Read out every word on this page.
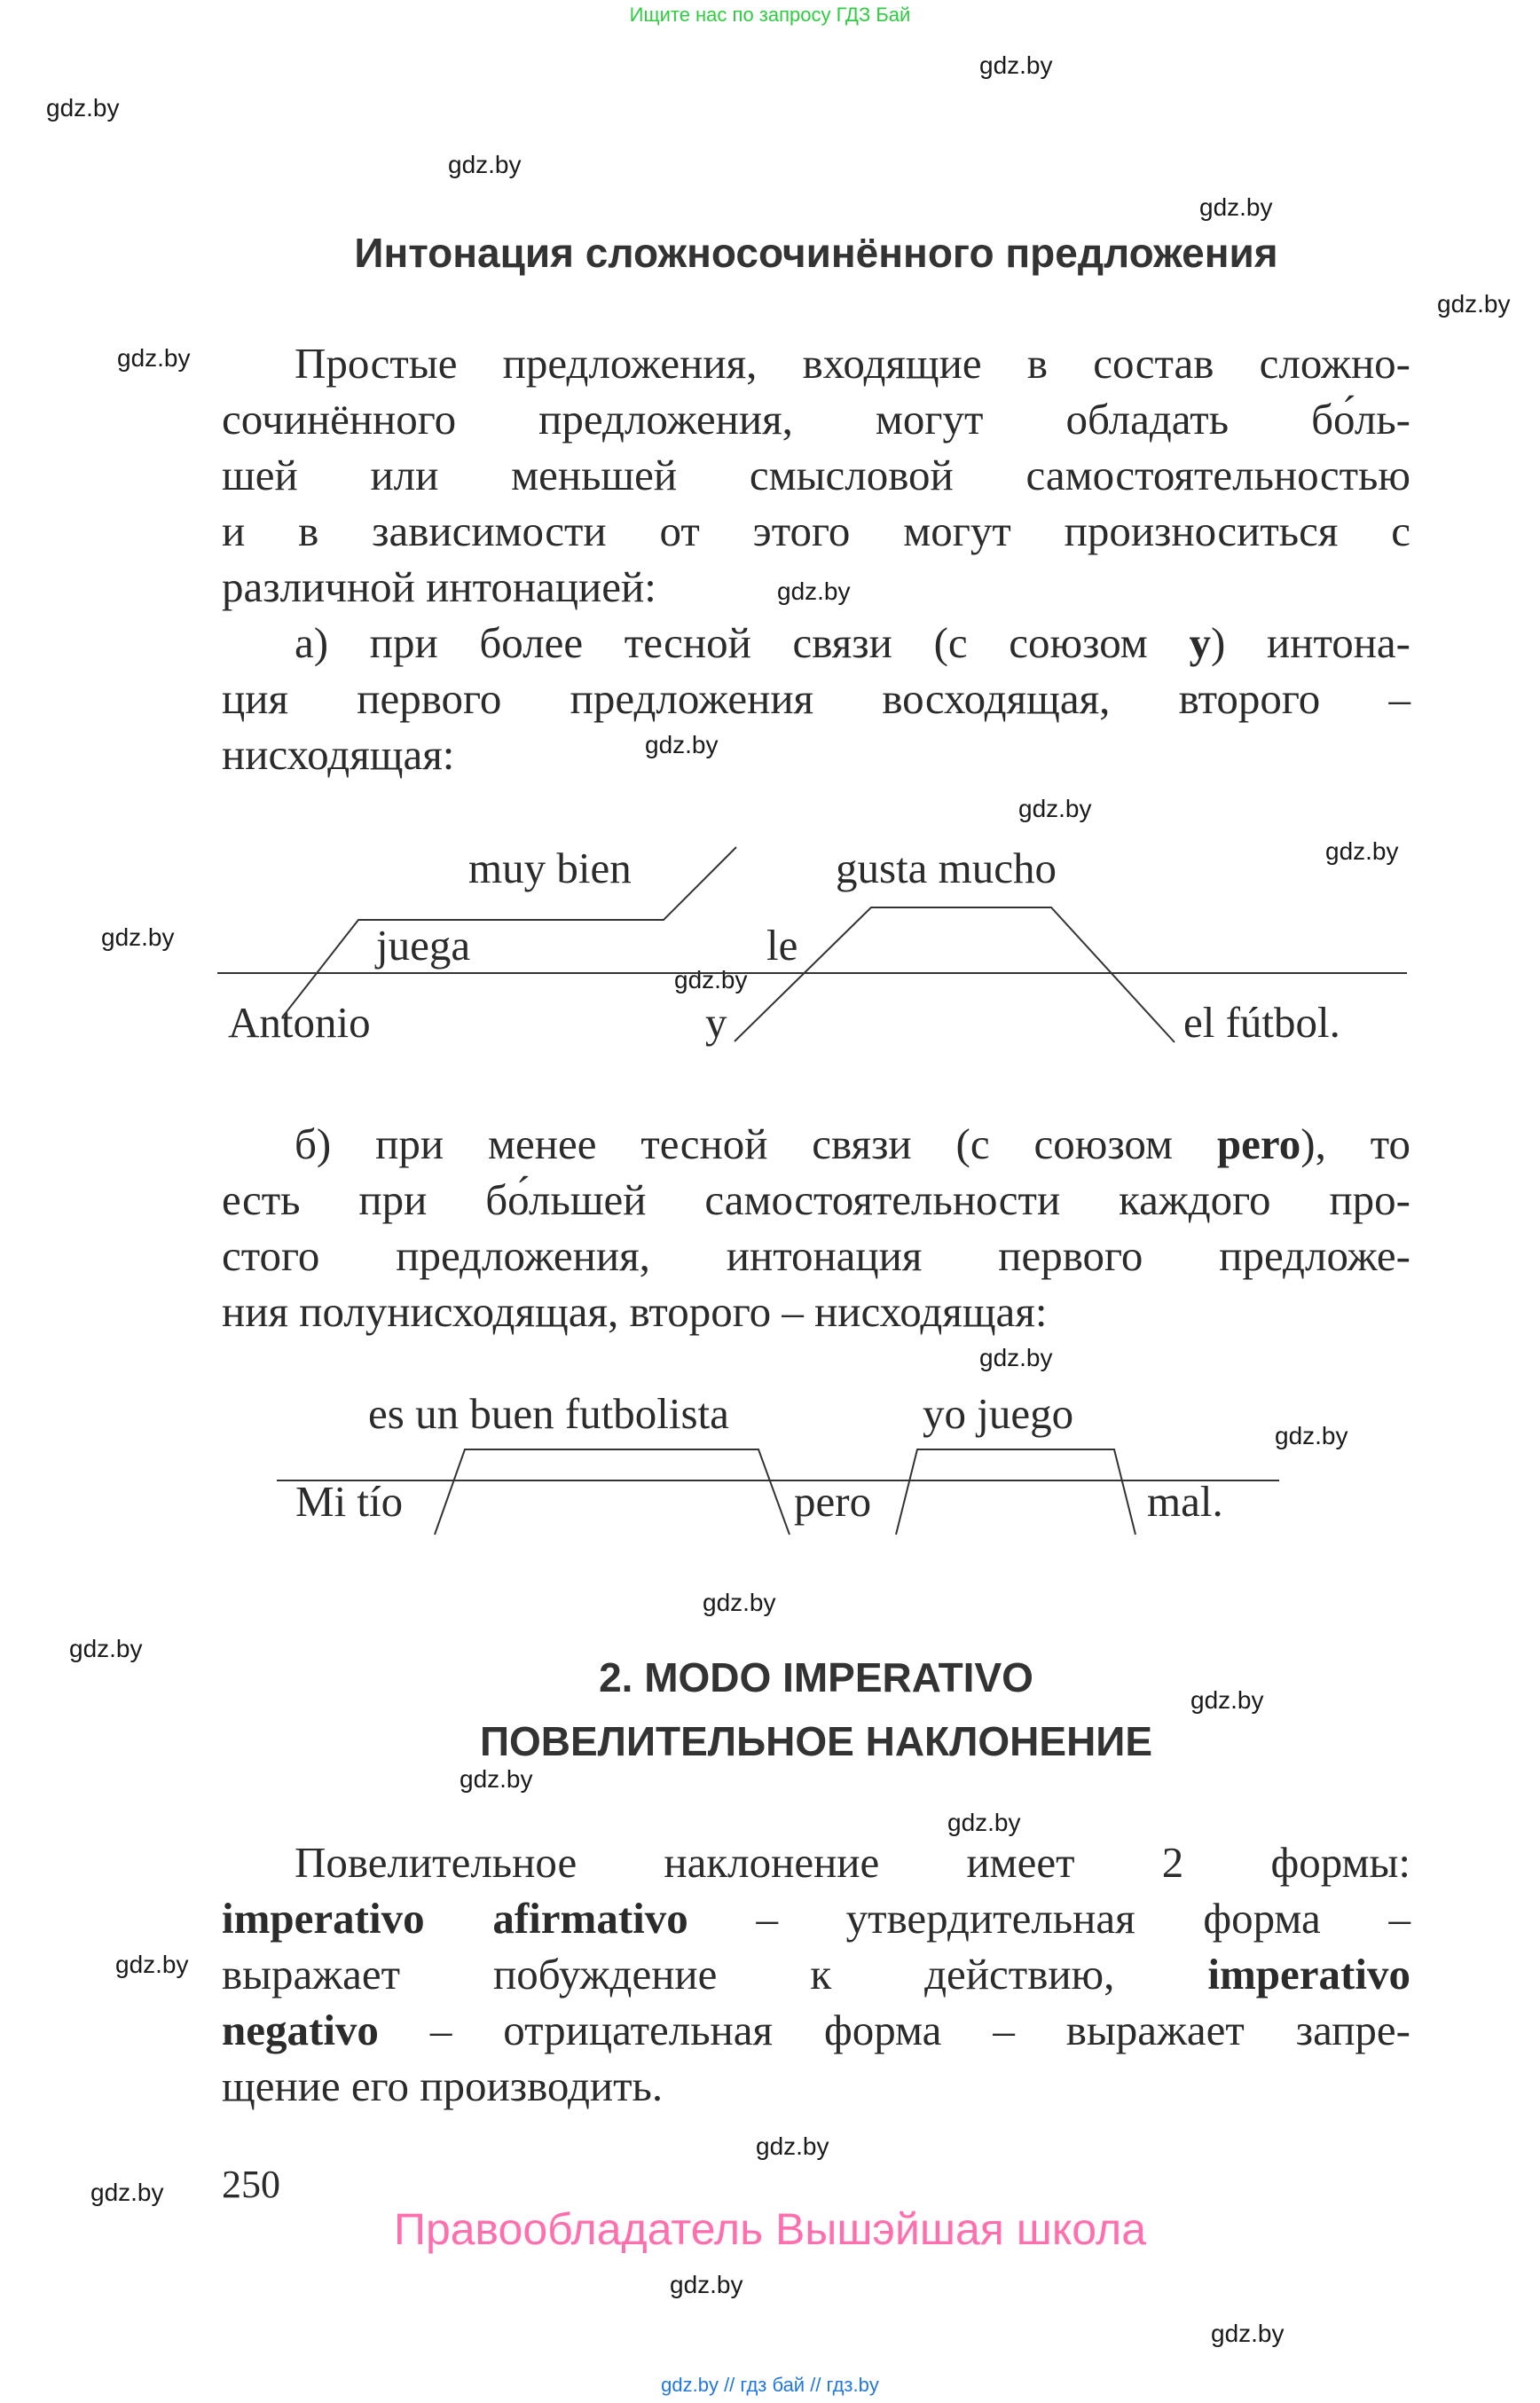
Ищите нас по запросу ГДЗ Бай
gdz.by
gdz.by
gdz.by
gdz.by
gdz.by
gdz.by
gdz.by
gdz.by
gdz.by
gdz.by
gdz.by
gdz.by
gdz.by
gdz.by
gdz.by
gdz.by
gdz.by
gdz.by
gdz.by
gdz.by
gdz.by
gdz.by
gdz.by
gdz.by
Интонация сложносочинённого предложения
Простые предложения, входящие в состав сложно-
сочинённого предложения, могут обладать бо́ль-
шей или меньшей смысловой самостоятельностью
и в зависимости от этого могут произноситься с
различной интонацией:
а) при более тесной связи (с союзом y) интона-
ция первого предложения восходящая, второго –
нисходящая:
Antonio
juega
muy bien
y
le
gusta mucho
el fútbol.
б) при менее тесной связи (с союзом pero), то
есть при бо́льшей самостоятельности каждого про-
стого предложения, интонация первого предложе-
ния полунисходящая, второго – нисходящая:
Mi tío
es un buen futbolista
pero
yo juego
mal.
2. MODO IMPERATIVO
ПОВЕЛИТЕЛЬНОЕ НАКЛОНЕНИЕ
Повелительное наклонение имеет 2 формы:
imperativo afirmativo – утвердительная форма –
выражает побуждение к действию, imperativo
negativo – отрицательная форма – выражает запре-
щение его производить.
250
Правообладатель Вышэйшая школа
gdz.by // гдз бай // гдз.by
